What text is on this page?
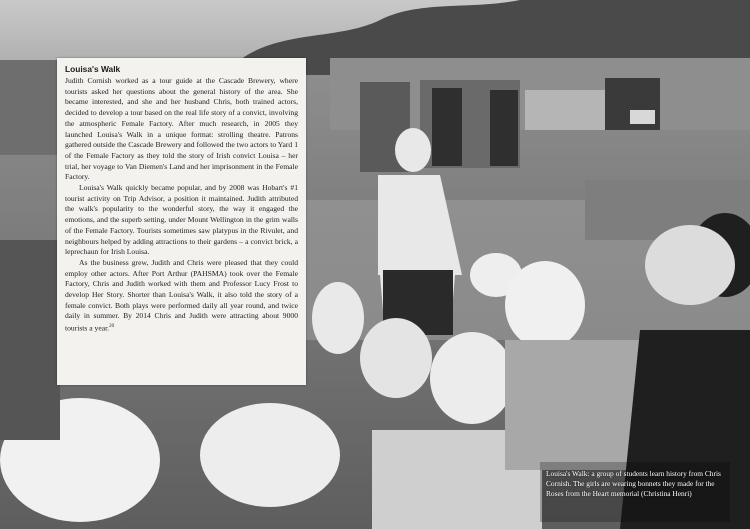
Louisa's Walk

Judith Cornish worked as a tour guide at the Cascade Brewery, where tourists asked her questions about the general history of the area. She became interested, and she and her husband Chris, both trained actors, decided to develop a tour based on the real life story of a convict, involving the atmospheric Female Factory. After much research, in 2005 they launched Louisa's Walk in a unique format: strolling theatre. Patrons gathered outside the Cascade Brewery and followed the two actors to Yard 1 of the Female Factory as they told the story of Irish convict Louisa – her trial, her voyage to Van Diemen's Land and her imprisonment in the Female Factory.

Louisa's Walk quickly became popular, and by 2008 was Hobart's #1 tourist activity on Trip Advisor, a position it maintained. Judith attributed the walk's popularity to the wonderful story, the way it engaged the emotions, and the superb setting, under Mount Wellington in the grim walls of the Female Factory. Tourists sometimes saw platypus in the Rivulet, and neighbours helped by adding attractions to their gardens – a convict brick, a leprechaun for Irish Louisa.

As the business grew, Judith and Chris were pleased that they could employ other actors. After Port Arthur (PAHSMA) took over the Female Factory, Chris and Judith worked with them and Professor Lucy Frost to develop Her Story. Shorter than Louisa's Walk, it also told the story of a female convict. Both plays were performed daily all year round, and twice daily in summer. By 2014 Chris and Judith were attracting about 9000 tourists a year.$^{20}$

Louisa's Walk: a group of students learn history from Chris Cornish. The girls are wearing bonnets they made for the Roses from the Heart memorial (Christina Henri)
